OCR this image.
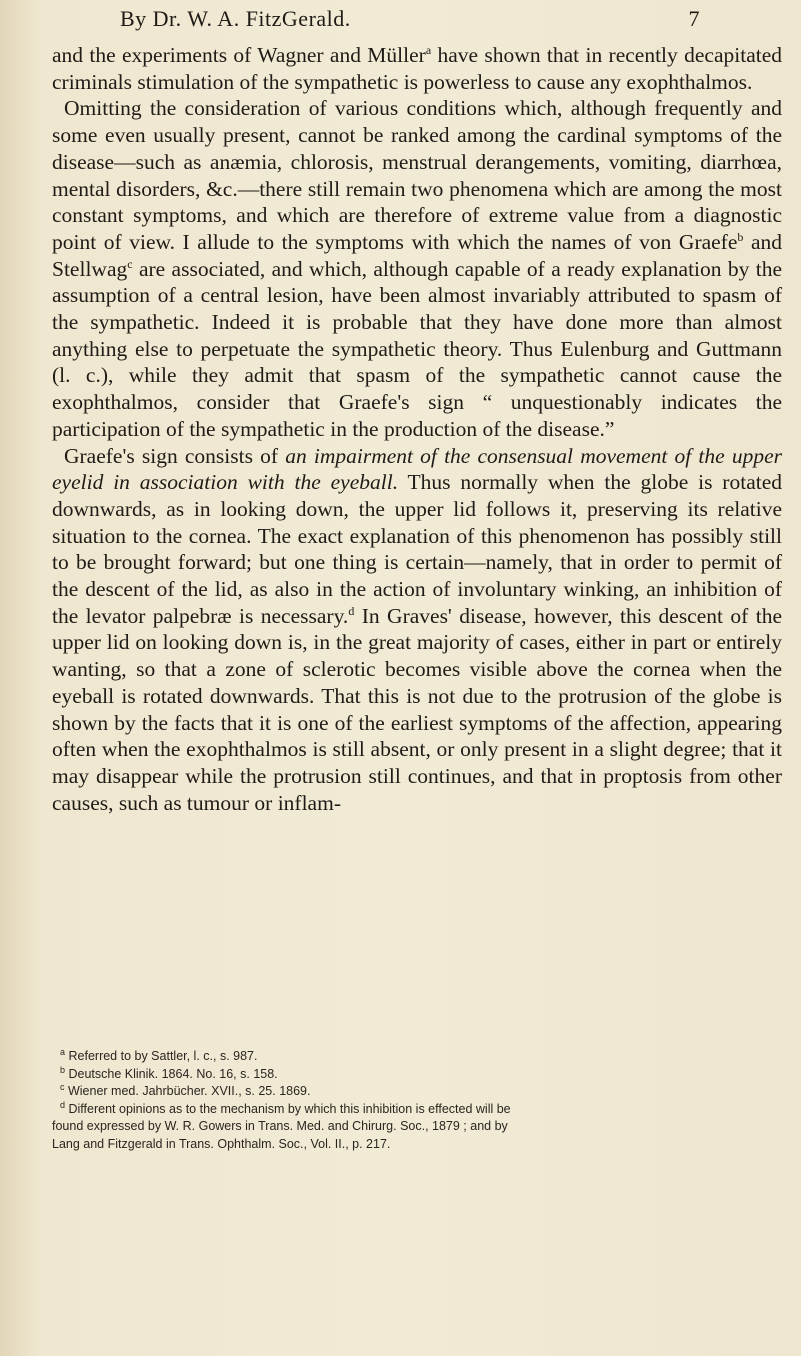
By Dr. W. A. FitzGerald.	7

and the experiments of Wagner and Müller$^a$ have shown that in recently decapitated criminals stimulation of the sympathetic is powerless to cause any exophthalmos.

Omitting the consideration of various conditions which, although frequently and some even usually present, cannot be ranked among the cardinal symptoms of the disease—such as anæmia, chlorosis, menstrual derangements, vomiting, diarrhœa, mental disorders, &c.—there still remain two phenomena which are among the most constant symptoms, and which are therefore of extreme value from a diagnostic point of view. I allude to the symptoms with which the names of von Graefe$^b$ and Stellwag$^c$ are associated, and which, although capable of a ready explanation by the assumption of a central lesion, have been almost invariably attributed to spasm of the sympathetic. Indeed it is probable that they have done more than almost anything else to perpetuate the sympathetic theory. Thus Eulenburg and Guttmann (l. c.), while they admit that spasm of the sympathetic cannot cause the exophthalmos, consider that Graefe's sign “ unquestionably indicates the participation of the sympathetic in the production of the disease.”

Graefe's sign consists of an impairment of the consensual movement of the upper eyelid in association with the eyeball. Thus normally when the globe is rotated downwards, as in looking down, the upper lid follows it, preserving its relative situation to the cornea. The exact explanation of this phenomenon has possibly still to be brought forward; but one thing is certain—namely, that in order to permit of the descent of the lid, as also in the action of involuntary winking, an inhibition of the levator palpebræ is necessary.$^d$ In Graves' disease, however, this descent of the upper lid on looking down is, in the great majority of cases, either in part or entirely wanting, so that a zone of sclerotic becomes visible above the cornea when the eyeball is rotated downwards. That this is not due to the protrusion of the globe is shown by the facts that it is one of the earliest symptoms of the affection, appearing often when the exophthalmos is still absent, or only present in a slight degree; that it may disappear while the protrusion still continues, and that in proptosis from other causes, such as tumour or inflam-

$^a$ Referred to by Sattler, l. c., s. 987.
$^b$ Deutsche Klinik. 1864. No. 16, s. 158.
$^c$ Wiener med. Jahrbücher. XVII., s. 25. 1869.
$^d$ Different opinions as to the mechanism by which this inhibition is effected will be
found expressed by W. R. Gowers in Trans. Med. and Chirurg. Soc., 1879 ; and by
Lang and Fitzgerald in Trans. Ophthalm. Soc., Vol. II., p. 217.
